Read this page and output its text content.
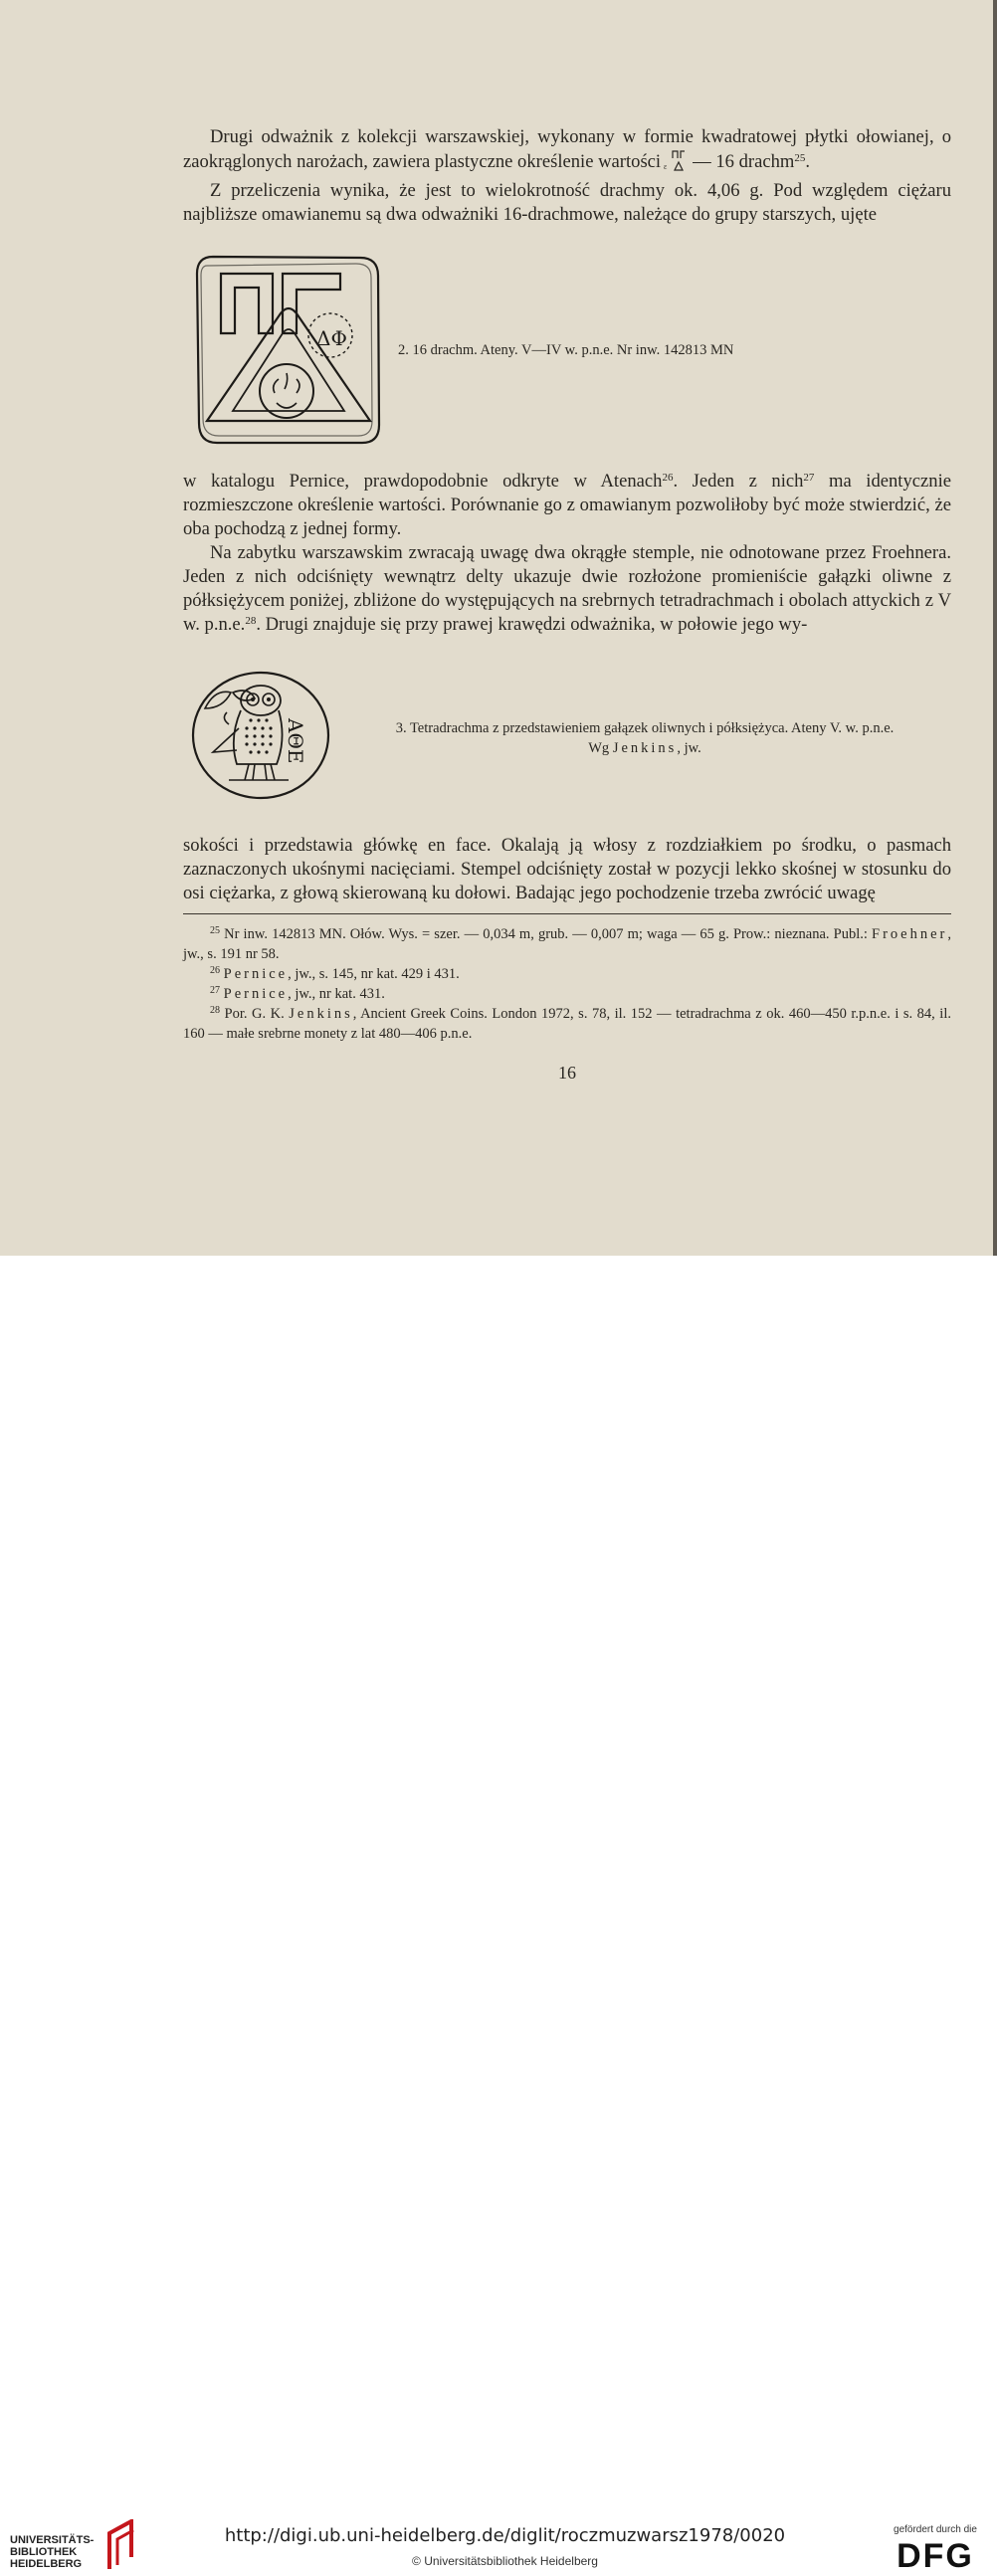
Drugi odważnik z kolekcji warszawskiej, wykonany w formie kwadratowej płytki ołowianej, o zaokrąglonych narożach, zawiera plastyczne określenie wartości ε — 16 drachm$^{25}$.

Z przeliczenia wynika, że jest to wielokrotność drachmy ok. 4,06 g. Pod względem ciężaru najbliższe omawianemu są dwa odważniki 16-drachmowe, należące do grupy starszych, ujęte

ΔΦ	2. 16 drachm. Ateny. V—IV w. p.n.e. Nr inw. 142813 MN

w katalogu Pernice, prawdopodobnie odkryte w Atenach$^{26}$. Jeden z nich$^{27}$ ma identycznie rozmieszczone określenie wartości. Porównanie go z omawianym pozwoliłoby być może stwierdzić, że oba pochodzą z jednej formy.

Na zabytku warszawskim zwracają uwagę dwa okrągłe stemple, nie odnotowane przez Froehnera. Jeden z nich odciśnięty wewnątrz delty ukazuje dwie rozłożone promieniście gałązki oliwne z półksiężycem poniżej, zbliżone do występujących na srebrnych tetradrachmach i obolach attyckich z V w. p.n.e.$^{28}$. Drugi znajduje się przy prawej krawędzi odważnika, w połowie jego wy-

ΑΘΕ	3. Tetradrachma z przedstawieniem gałązek oliwnych i półksiężyca. Ateny V. w. p.n.e.
Wg Jenkins, jw.

sokości i przedstawia główkę en face. Okalają ją włosy z rozdziałkiem po środku, o pasmach zaznaczonych ukośnymi nacięciami. Stempel odciśnięty został w pozycji lekko skośnej w stosunku do osi ciężarka, z głową skierowaną ku dołowi. Badając jego pochodzenie trzeba zwrócić uwagę

$^{25}$ Nr inw. 142813 MN. Ołów. Wys. = szer. — 0,034 m, grub. — 0,007 m; waga — 65 g. Prow.: nieznana. Publ.: Froehner, jw., s. 191 nr 58.

$^{26}$ Pernice, jw., s. 145, nr kat. 429 i 431.

$^{27}$ Pernice, jw., nr kat. 431.

$^{28}$ Por. G. K. Jenkins, Ancient Greek Coins. London 1972, s. 78, il. 152 — tetradrachma z ok. 460—450 r.p.n.e. i s. 84, il. 160 — małe srebrne monety z lat 480—406 p.n.e.

16
UNIVERSITÄTS-
BIBLIOTHEK
HEIDELBERG
http://digi.ub.uni-heidelberg.de/diglit/roczmuzwarsz1978/0020
© Universitätsbibliothek Heidelberg
gefördert durch die
DFG
